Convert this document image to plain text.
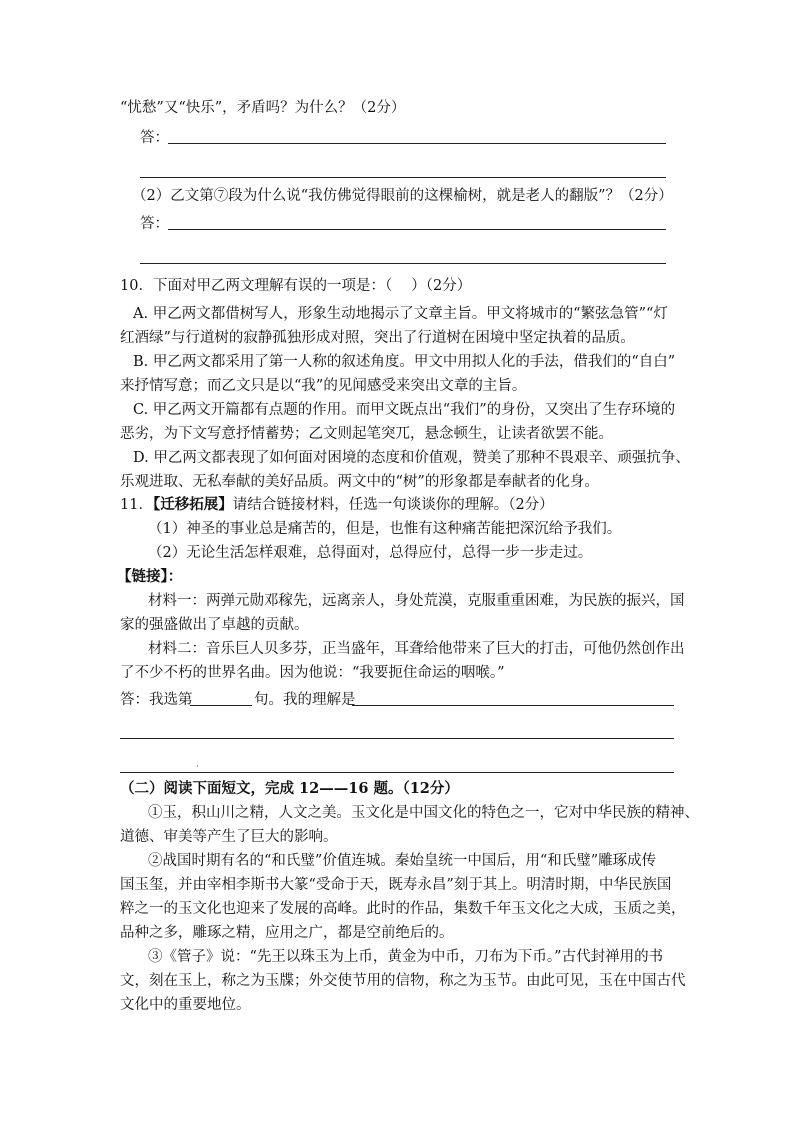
“忧愁”又“快乐”，矛盾吗？为什么？（2分）
答：
（2）乙文第⑦段为什么说“我仿佛觉得眼前的这棵榆树，就是老人的翻版”？（2分）
答：
10．下面对甲乙两文理解有误的一项是：（　 ）（2分）
A. 甲乙两文都借树写人，形象生动地揭示了文章主旨。甲文将城市的“繁弦急管”“灯
红酒绿”与行道树的寂静孤独形成对照，突出了行道树在困境中坚定执着的品质。
B. 甲乙两文都采用了第一人称的叙述角度。甲文中用拟人化的手法，借我们的“自白”
来抒情写意；而乙文只是以“我”的见闻感受来突出文章的主旨。
C. 甲乙两文开篇都有点题的作用。而甲文既点出“我们”的身份，又突出了生存环境的
恶劣，为下文写意抒情蓄势；乙文则起笔突兀，悬念顿生，让读者欲罢不能。
D. 甲乙两文都表现了如何面对困境的态度和价值观，赞美了那种不畏艰辛、顽强抗争、
乐观进取、无私奉献的美好品质。两文中的“树”的形象都是奉献者的化身。
11．【迁移拓展】请结合链接材料，任选一句谈谈你的理解。（2分）
（1）神圣的事业总是痛苦的，但是，也惟有这种痛苦能把深沉给予我们。
（2）无论生活怎样艰难，总得面对，总得应付，总得一步一步走过。
【链接】：
材料一：两弹元勋邓稼先，远离亲人，身处荒漠，克服重重困难，为民族的振兴，国
家的强盛做出了卓越的贡献。
材料二：音乐巨人贝多芬，正当盛年，耳聋给他带来了巨大的打击，可他仍然创作出
了不少不朽的世界名曲。因为他说：“我要扼住命运的咽喉。”
答：我选第	句。我的理解是
·
（二）阅读下面短文，完成 12——16 题。（12分）
①玉，积山川之精，人文之美。玉文化是中国文化的特色之一，它对中华民族的精神、
道德、审美等产生了巨大的影响。
②战国时期有名的“和氏璧”价值连城。秦始皇统一中国后，用“和氏璧”雕琢成传
国玉玺，并由宰相李斯书大篆“受命于天，既寿永昌”刻于其上。明清时期，中华民族国
粹之一的玉文化也迎来了发展的高峰。此时的作品，集数千年玉文化之大成，玉质之美，
品种之多，雕琢之精，应用之广，都是空前绝后的。
③《管子》说：“先王以珠玉为上币，黄金为中币，刀布为下币。”古代封禅用的书
文，刻在玉上，称之为玉牒；外交使节用的信物，称之为玉节。由此可见，玉在中国古代
文化中的重要地位。
